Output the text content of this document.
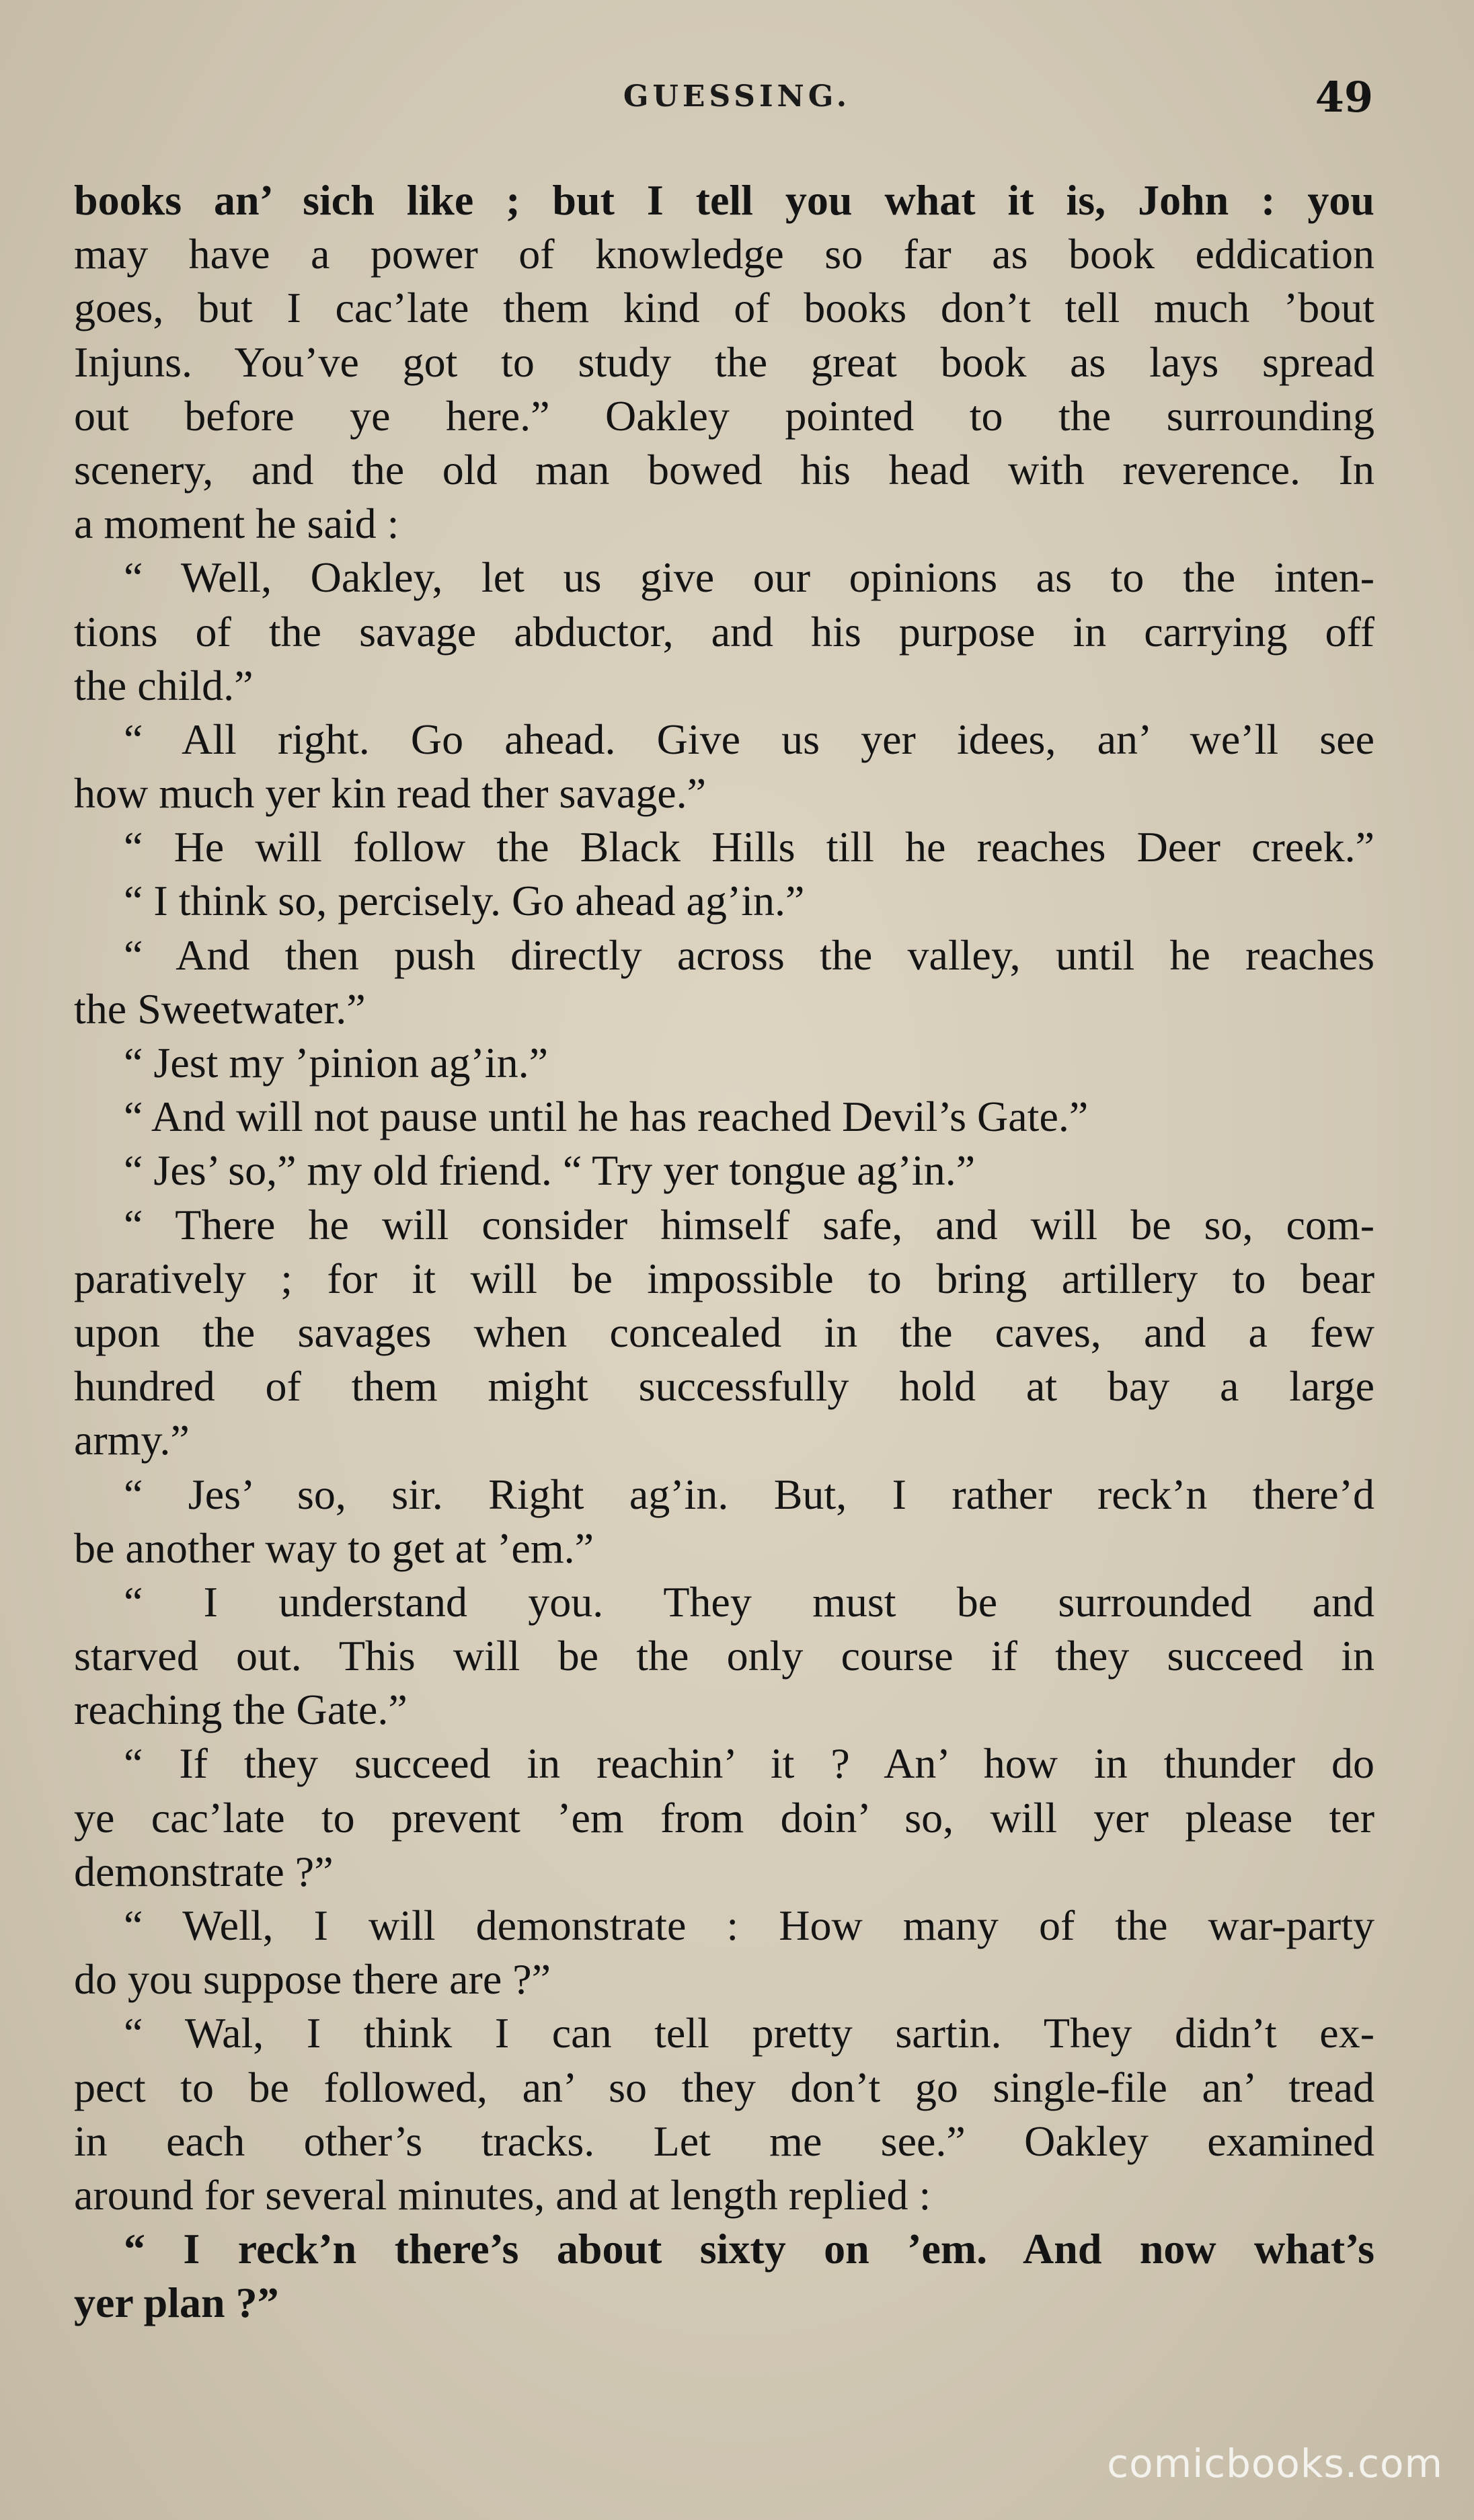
GUESSING.	49
books an’ sich like ; but I tell you what it is, John : you
may have a power of knowledge so far as book eddication
goes, but I cac’late them kind of books don’t tell much ’bout
Injuns. You’ve got to study the great book as lays spread
out before ye here.” Oakley pointed to the surrounding
scenery, and the old man bowed his head with reverence. In
a moment he said :
“ Well, Oakley, let us give our opinions as to the inten-
tions of the savage abductor, and his purpose in carrying off
the child.”
“ All right. Go ahead. Give us yer idees, an’ we’ll see
how much yer kin read ther savage.”
“ He will follow the Black Hills till he reaches Deer creek.”
“ I think so, percisely. Go ahead ag’in.”
“ And then push directly across the valley, until he reaches
the Sweetwater.”
“ Jest my ’pinion ag’in.”
“ And will not pause until he has reached Devil’s Gate.”
“ Jes’ so,” my old friend. “ Try yer tongue ag’in.”
“ There he will consider himself safe, and will be so, com-
paratively ; for it will be impossible to bring artillery to bear
upon the savages when concealed in the caves, and a few
hundred of them might successfully hold at bay a large
army.”
“ Jes’ so, sir. Right ag’in. But, I rather reck’n there’d
be another way to get at ’em.”
“ I understand you. They must be surrounded and
starved out. This will be the only course if they succeed in
reaching the Gate.”
“ If they succeed in reachin’ it ? An’ how in thunder do
ye cac’late to prevent ’em from doin’ so, will yer please ter
demonstrate ?”
“ Well, I will demonstrate : How many of the war-party
do you suppose there are ?”
“ Wal, I think I can tell pretty sartin. They didn’t ex-
pect to be followed, an’ so they don’t go single-file an’ tread
in each other’s tracks. Let me see.” Oakley examined
around for several minutes, and at length replied :
“ I reck’n there’s about sixty on ’em. And now what’s
yer plan ?”
comicbooks.com
